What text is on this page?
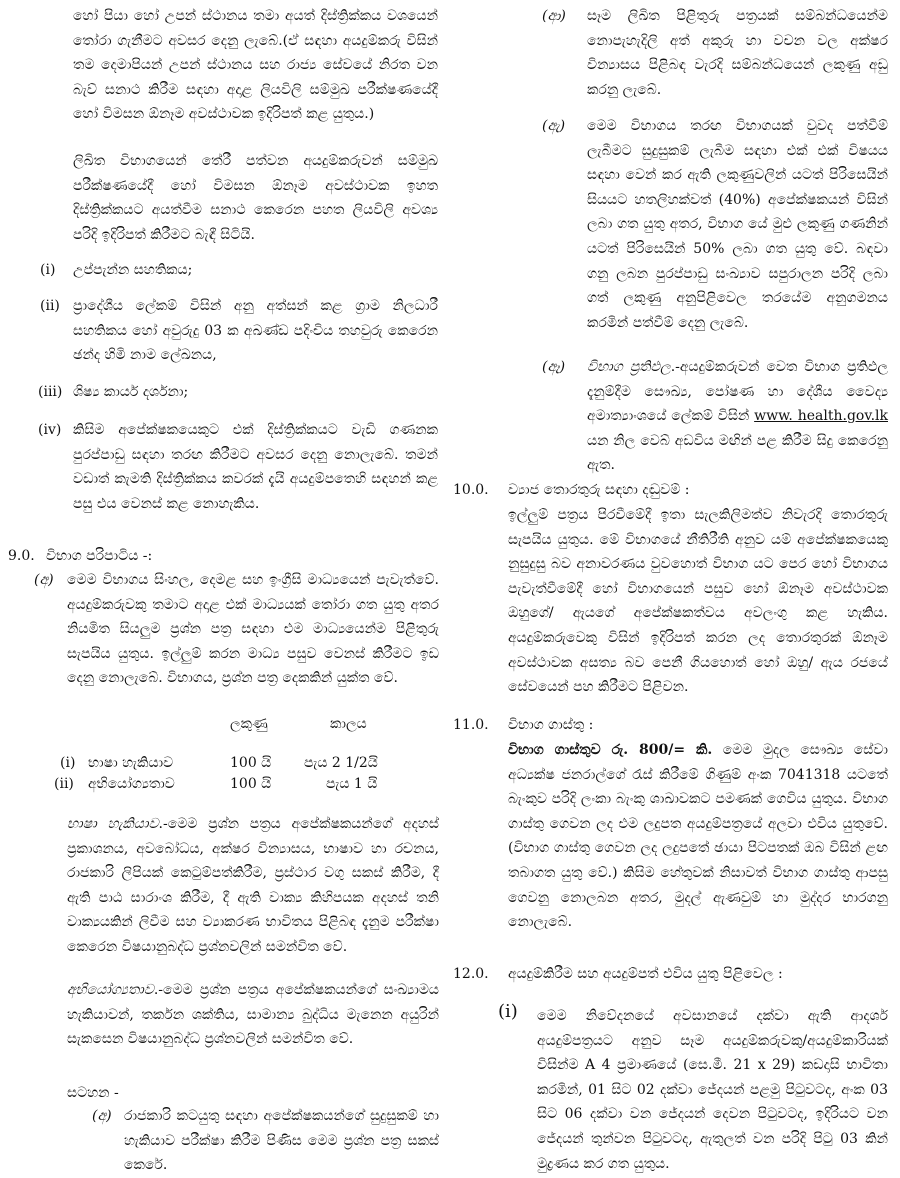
හෝ පියා හෝ උපන් ස්ථානය තමා අයත් දිස්ත්‍රික්කය වශයෙන් තෝරා ගැනීමට අවසර දෙනු ලැබේ.(ඒ සඳහා අයදුම්කරු විසින් තම දෙමාපියන් උපන් ස්ථානය සහ රාජ්‍ය සේවයේ නිරත වන බැව් සනාථ කිරීම සඳහා අදාළ ලියවිලි සම්මුඛ පරීක්ෂණයේදී හෝ විමසන ඕනෑම අවස්ථාවක ඉදිරිපත් කළ යුතුය.)

ලිඛිත විභාගයෙන් තේරී පත්වන අයදුම්කරුවන් සම්මුඛ පරීක්ෂණයේදී හෝ විමසන ඕනෑම අවස්ථාවක ඉහත දිස්ත්‍රික්කයට අයත්වීම සනාථ කෙරෙන පහත ලියවිලි අවශ්‍ය පරිදි ඉදිරිපත් කිරීමට බැඳී සිටියි.

(i) උප්පැන්න සහතිකය;

(ii) ප්‍රාදේශීය ලේකම් විසින් අනු අත්සන් කළ ග්‍රාම නිලධාරී සහතිකය හෝ අවුරුදු 03 ක අඛණ්ඩ පදිංචිය තහවුරු කෙරෙන ඡන්ද හිමි නාම ලේඛනය,

(iii) ශිෂ්‍ය කාර්ය දර්ශනා;

(iv) කිසිම අපේක්ෂකයෙකුට එක් දිස්ත්‍රික්කයට වැඩි ගණනක පුරප්පාඩු සඳහා තරඟ කිරීමට අවසර දෙනු නොලැබේ. තමන් වඩාත් කැමති දිස්ත්‍රික්කය කවරක් දැයි අයදුම්පතෙහි සඳහන් කළ පසු එය වෙනස් කළ නොහැකිය.

9.0. විභාග පරිපාටිය -:
(අ) මෙම විභාගය සිංහල, දෙමළ සහ ඉංග්‍රීසි මාධ්‍යයෙන් පැවැත්වේ. අයදුම්කරුවකු තමාට අදාළ එක් මාධ්‍යයක් තෝරා ගත යුතු අතර නියමිත සියලුම ප්‍රශ්න පත්‍ර සඳහා එම මාධ්‍යයෙන්ම පිළිතුරු සැපයිය යුතුය. ඉල්ලුම් කරන මාධ්‍ය පසුව වෙනස් කිරීමට ඉඩ දෙනු නොලැබේ. විභාගය, ප්‍රශ්න පත්‍ර දෙකකින් යුක්ත වේ.

ලකුණු	කාලය
(i) භාෂා හැකියාව	100 යි පැය 2 1/2යි
(ii) අභියෝග්‍යතාව	100 යි	පැය 1 යි

භාෂා හැකියාව.-මෙම ප්‍රශ්න පත්‍රය අපේක්ෂකයන්ගේ අදහස් ප්‍රකාශනය, අවබෝධය, අක්ෂර වින්‍යාසය, භාෂාව හා රචනය, රාජකාරි ලිපියක් කෙටුම්පත්කිරීම, ප්‍රස්ථාර වගු සකස් කිරීම, දී ඇති පාඨ සාරාංශ කිරීම, දී ඇති වාක්‍ය කිහිපයක අදහස් තනි වාක්‍යයකින් ලිවීම සහ ව්‍යාකරණ භාවිතය පිළිබඳ දැනුම පරීක්ෂා කෙරෙන විෂයානුබද්ධ ප්‍රශ්නවලින් සමන්විත වේ.

අභියෝග්‍යතාව.-මෙම ප්‍රශ්න පත්‍රය අපේක්ෂකයන්ගේ සංඛ්‍යාමය හැකියාවන්, තර්කන ශක්තිය, සාමාන්‍ය බුද්ධිය මැනෙන අයුරින් සැකසෙන විෂයානුබද්ධ ප්‍රශ්නවලින් සමන්විත වේ.

සටහන -
(අ) රාජකාරි කටයුතු සඳහා අපේක්ෂකයන්ගේ සුදුසුකම් හා හැකියාව පරීක්ෂා කිරීම පිණිස මෙම ප්‍රශ්න පත්‍ර සකස් කෙරේ.

(ආ) සෑම ලිඛිත පිළිතුරු පත්‍රයක් සම්බන්ධයෙන්ම නොපැහැදිලි අත් අකුරු හා වචන වල අක්ෂර වින්‍යාසය පිළිබඳ වැරදි සම්බන්ධයෙන් ලකුණු අඩු කරනු ලැබේ.

(ඇ) මෙම විභාගය තරඟ විභාගයක් වුවද පත්වීම් ලැබීමට සුදුසුකම් ලැබීම සඳහා එක් එක් විෂයය සඳහා වෙන් කර ඇති ලකුණුවලින් යටත් පිරිසෙයින් සියයට හතලිහක්වත් (40%) අපේක්ෂකයන් විසින් ලබා ගත යුතු අතර, විභාග යේ මුළු ලකුණු ගණනින් යටත් පිරිසෙයින් 50% ලබා ගත යුතු වේ. බඳවා ගනු ලබන පුරප්පාඩු සංඛ්‍යාව සපුරාලන පරිදි ලබා ගත් ලකුණු අනුපිළිවෙල තරයේම අනුගමනය කරමින් පත්වීම් දෙනු ලැබේ.

(ඈ) විභාග ප්‍රතිඵල.-අයදුම්කරුවන් වෙත විභාග ප්‍රතිඵල දැනුම්දීම සෞඛ්‍ය, පෝෂණ හා දේශීය වෛද්‍ය අමාත්‍යාංශයේ ලේකම් විසින් www. health.gov.lk යන නිල වෙබ් අඩවිය මඟින් පළ කිරීම සිදු කෙරෙනු ඇත.

10.0. ව්‍යාජ තොරතුරු සඳහා දඬුවම් :

ඉල්ලුම් පත්‍රය පිරවීමේදී ඉතා සැලකිලිමත්ව නිවැරදි තොරතුරු සැපයිය යුතුය. මේ විභාගයේ නීතිරීති අනුව යම් අපේක්ෂකයෙකු නුසුදුසු බව අනාවරණය වුවහොත් විභාග යට පෙර හෝ විභාගය පැවැත්වීමේදී හෝ විභාගයෙන් පසුව හෝ ඕනෑම අවස්ථාවක ඔහුගේ/ ඇයගේ අපේක්ෂකත්වය අවලංගු කළ හැකිය. අයදුම්කරුවෙකු විසින් ඉදිරිපත් කරන ලද තොරතුරක් ඕනෑම අවස්ථාවක අසත්‍ය බව පෙනී ගියහොත් හෝ ඔහු/ ඇය රජයේ සේවයෙන් පහ කිරීමට පිළිවන.

11.0. විභාග ගාස්තු :

විභාග ගාස්තුව රු. 800/= කි. මෙම මුදල සෞඛ්‍ය සේවා අධ්‍යක්ෂ ජනරාල්ගේ රැස් කිරීමේ ගිණුම් අංක 7041318 යටතේ බැංකුව පරිදි ලංකා බැංකු ශාඛාවකට පමණක් ගෙවිය යුතුය. විභාග ගාස්තු ගෙවන ලද එම ලදුපත අයදුම්පත්‍රයේ අලවා එවිය යුතුවේ. (විභාග ගාස්තු ගෙවන ලද ලදුපතේ ඡායා පිටපතක් ඔබ විසින් ළඟ තබාගත යුතු වේ.) කිසිම හේතුවක් නිසාවත් විභාග ගාස්තු ආපසු ගෙවනු නොලබන අතර, මුදල් ඇණවුම් හා මුද්දර භාරගනු නොලැබේ.

12.0. අයදුම්කිරීම සහ අයදුම්පත් එවිය යුතු පිළිවෙල :
(i) මෙම නිවේදනයේ අවසානයේ දක්වා ඇති ආදර්ශ අයදුම්පත්‍රයට අනුව සෑම අයදුම්කරුවකු/අයදුම්කාරියක් විසින්ම A 4 ප්‍රමාණයේ (සෙ.මී. 21 x 29) කඩදාසි භාවිතා කරමින්, 01 සිට 02 දක්වා ජේදයන් පළමු පිටුවටද, අංක 03 සිට 06 දක්වා වන ජේදයන් දෙවන පිටුවටද, ඉදිරියට වන ජේදයන් තුන්වන පිටුවටද, ඇතුලත් වන පරිදි පිටු 03 කින් මුද්‍රණය කර ගත යුතුය.
